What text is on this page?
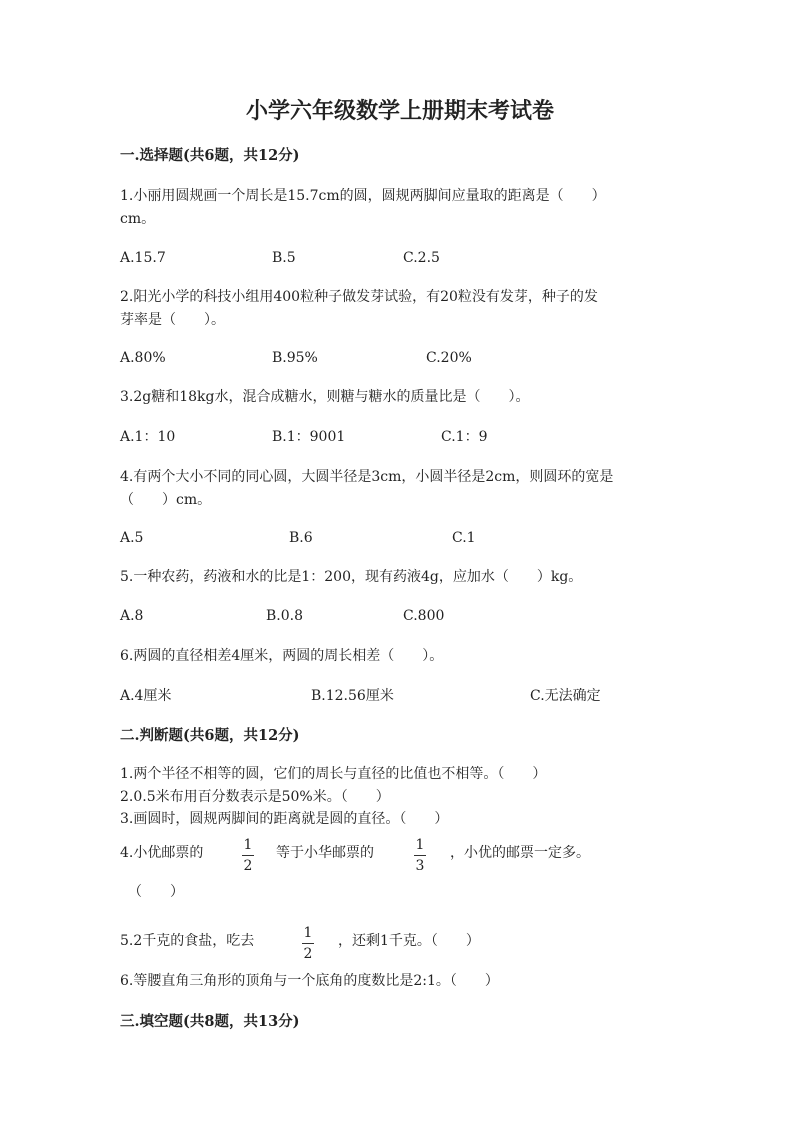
小学六年级数学上册期末考试卷
一.选择题(共6题，共12分)
1.小丽用圆规画一个周长是15.7cm的圆，圆规两脚间应量取的距离是（　　）
cm。
A.15.7	B.5	C.2.5
2.阳光小学的科技小组用400粒种子做发芽试验，有20粒没有发芽，种子的发
芽率是（　　）。
A.80%	B.95%	C.20%
3.2g糖和18kg水，混合成糖水，则糖与糖水的质量比是（　　）。
A.1：10	B.1：9001	C.1：9
4.有两个大小不同的同心圆，大圆半径是3cm，小圆半径是2cm，则圆环的宽是
（　　）cm。
A.5	B.6	C.1
5.一种农药，药液和水的比是1：200，现有药液4g，应加水（　　）kg。
A.8	B.0.8	C.800
6.两圆的直径相差4厘米，两圆的周长相差（　　）。
A.4厘米	B.12.56厘米	C.无法确定
二.判断题(共6题，共12分)
1.两个半径不相等的圆，它们的周长与直径的比值也不相等。（　　）
2.0.5米布用百分数表示是50%米。（　　）
3.画圆时，圆规两脚间的距离就是圆的直径。（　　）
4.小优邮票的	1
2
等于小华邮票的	1
3
，小优的邮票一定多。
（　　）
5.2千克的食盐，吃去	1
2
，还剩1千克。（　　）
6.等腰直角三角形的顶角与一个底角的度数比是2:1。（　　）
三.填空题(共8题，共13分)
